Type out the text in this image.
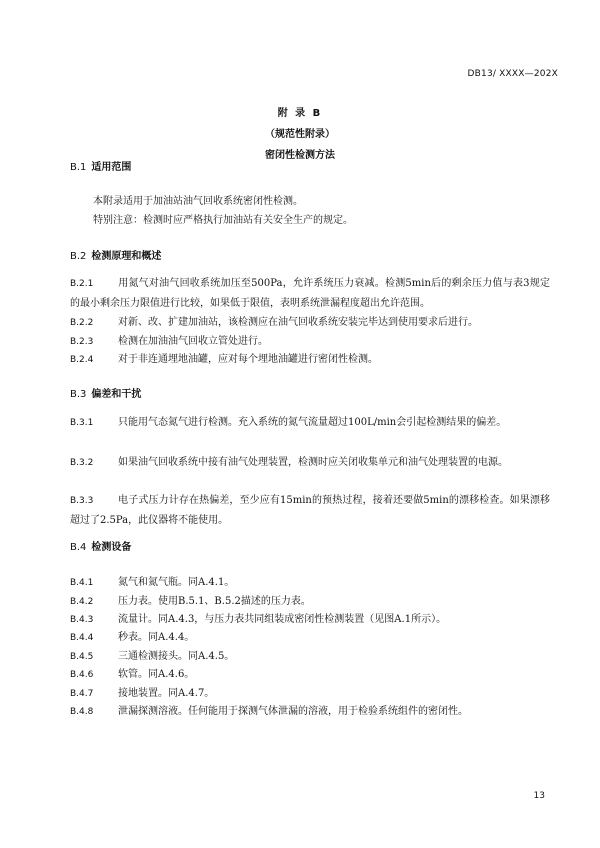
DB13/ XXXX—202X
附 录 B
（规范性附录）
密闭性检测方法
B.1 适用范围
本附录适用于加油站油气回收系统密闭性检测。
特别注意：检测时应严格执行加油站有关安全生产的规定。
B.2 检测原理和概述
B.2.1 用氮气对油气回收系统加压至500Pa，允许系统压力衰减。检测5min后的剩余压力值与表3规定的最小剩余压力限值进行比较，如果低于限值，表明系统泄漏程度超出允许范围。
B.2.2 对新、改、扩建加油站，该检测应在油气回收系统安装完毕达到使用要求后进行。
B.2.3 检测在加油油气回收立管处进行。
B.2.4 对于非连通埋地油罐，应对每个埋地油罐进行密闭性检测。
B.3 偏差和干扰
B.3.1 只能用气态氮气进行检测。充入系统的氮气流量超过100L/min会引起检测结果的偏差。
B.3.2 如果油气回收系统中接有油气处理装置，检测时应关闭收集单元和油气处理装置的电源。
B.3.3 电子式压力计存在热偏差，至少应有15min的预热过程，接着还要做5min的漂移检查。如果漂移超过了2.5Pa，此仪器将不能使用。
B.4 检测设备
B.4.1 氮气和氮气瓶。同A.4.1。
B.4.2 压力表。使用B.5.1、B.5.2描述的压力表。
B.4.3 流量计。同A.4.3，与压力表共同组装成密闭性检测装置（见图A.1所示）。
B.4.4 秒表。同A.4.4。
B.4.5 三通检测接头。同A.4.5。
B.4.6 软管。同A.4.6。
B.4.7 接地装置。同A.4.7。
B.4.8 泄漏探测溶液。任何能用于探测气体泄漏的溶液，用于检验系统组件的密闭性。
13
